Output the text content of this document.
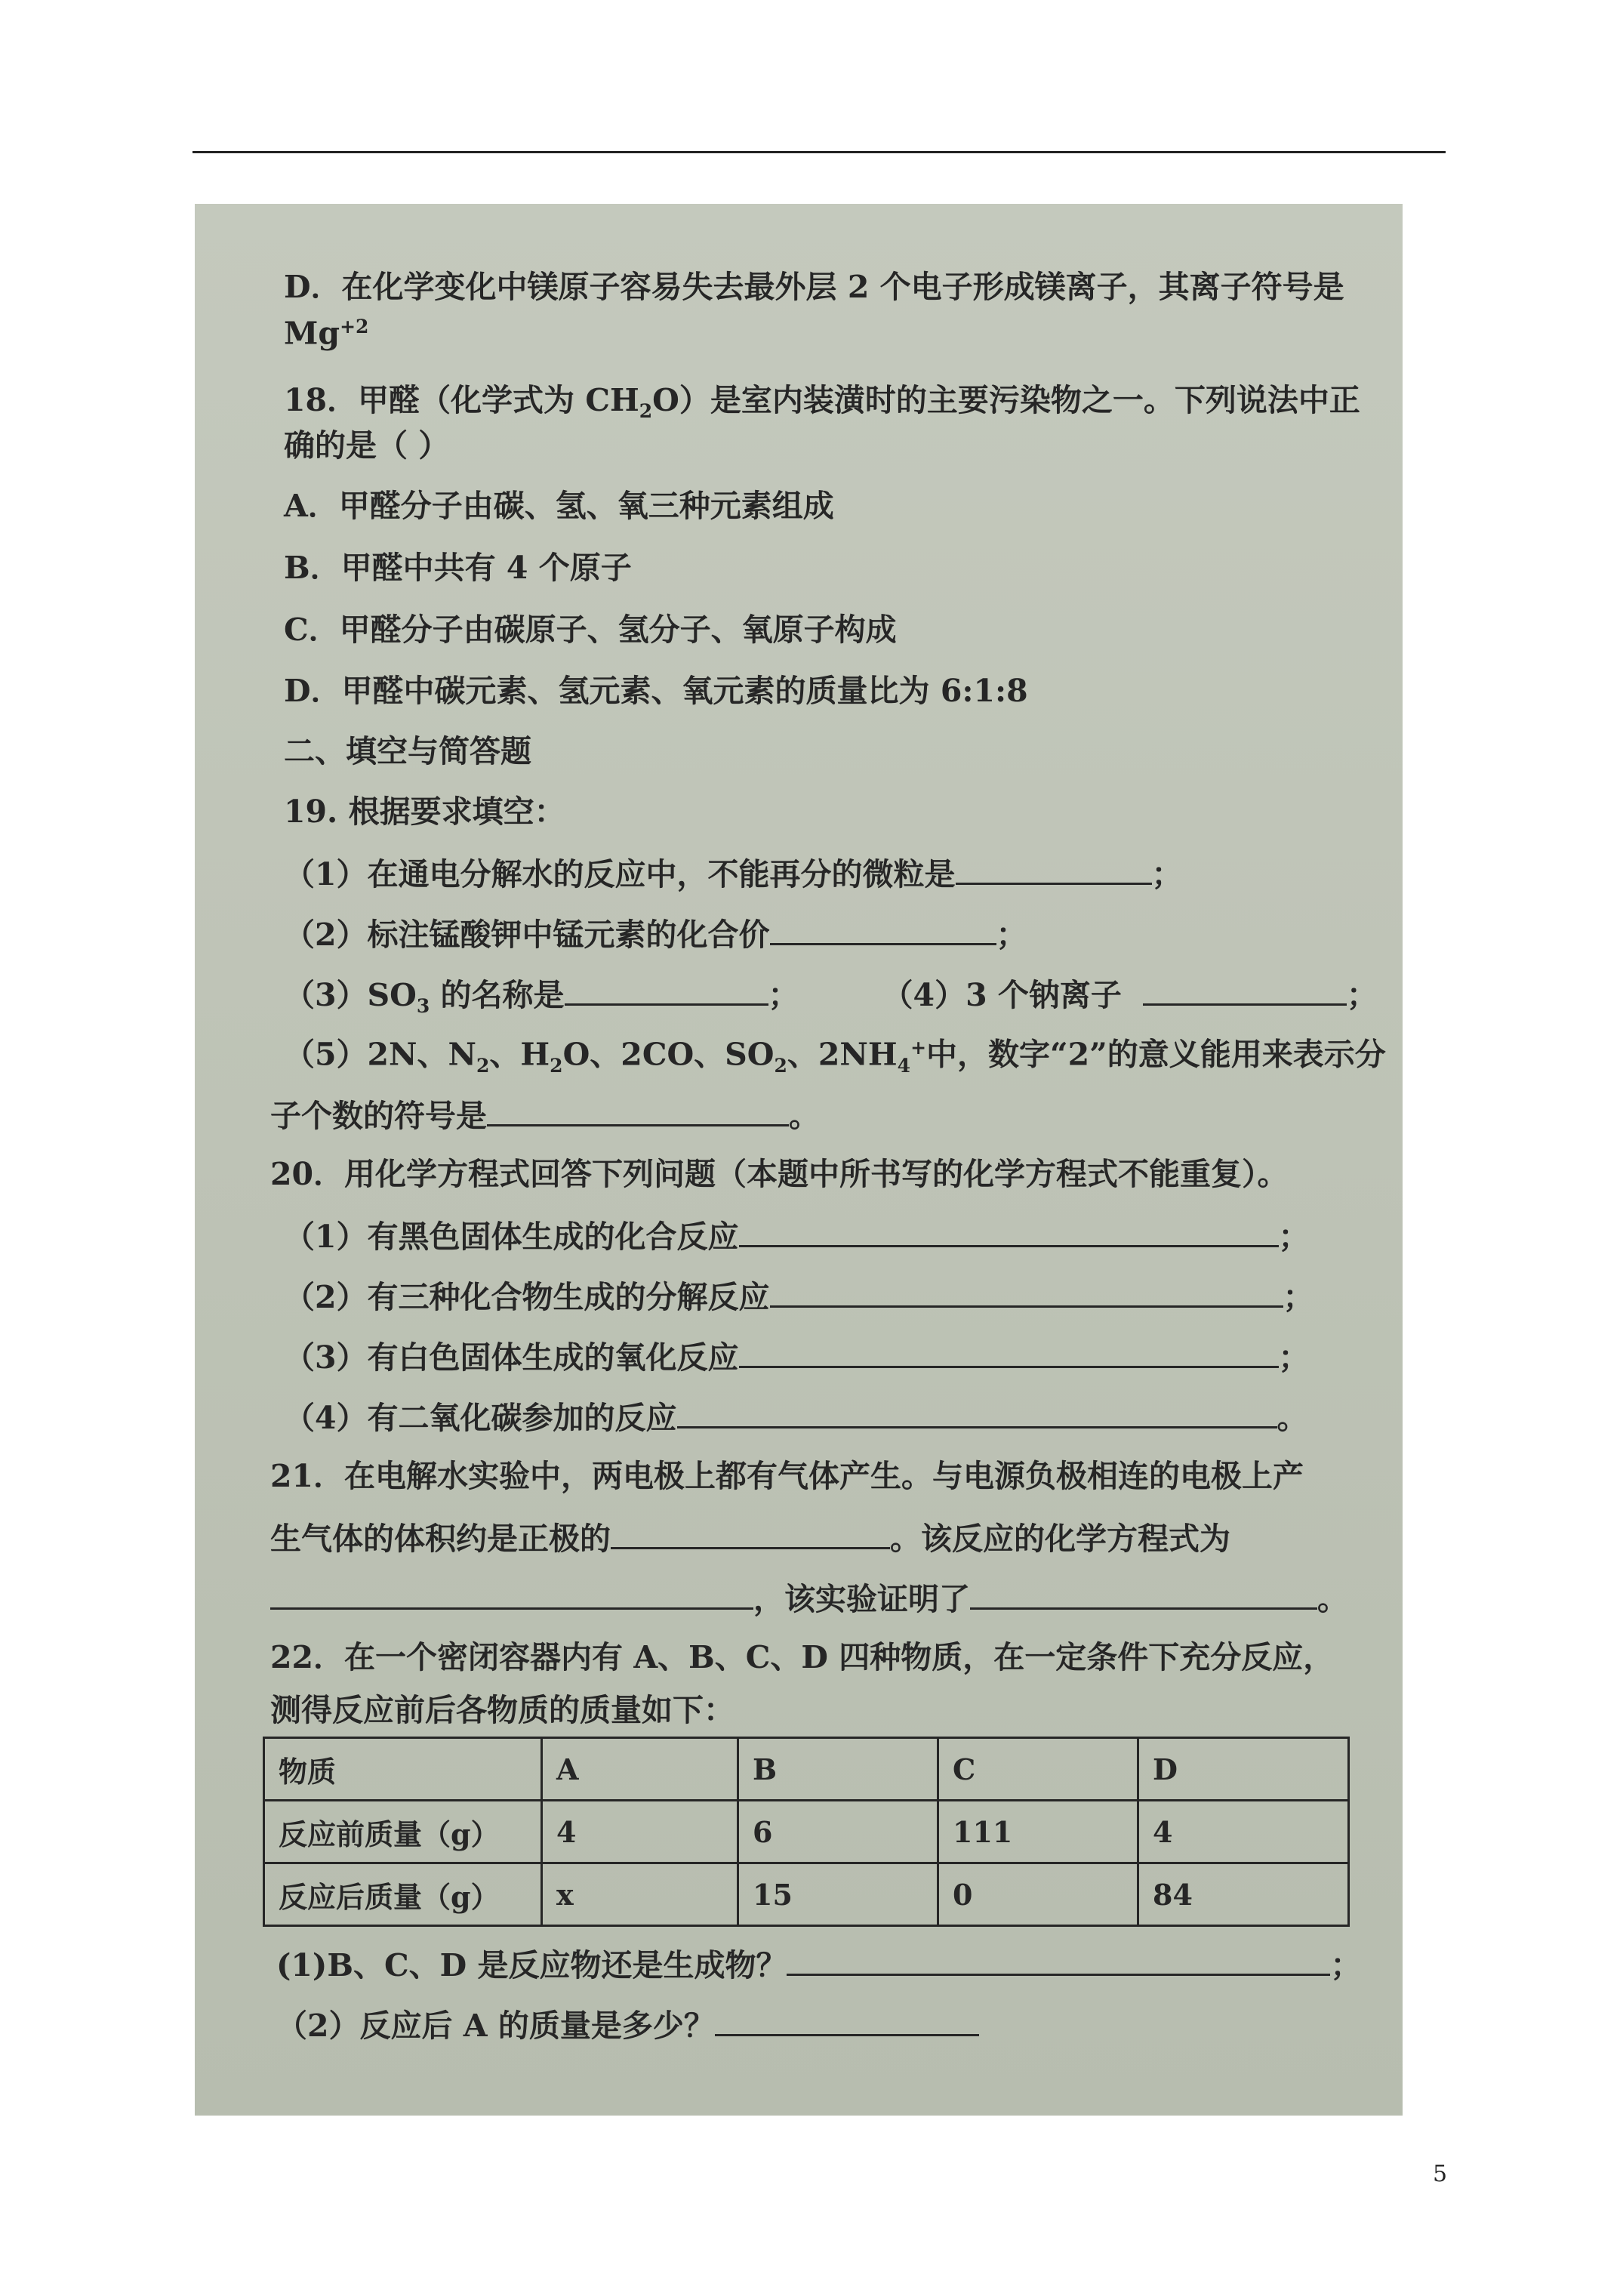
D．在化学变化中镁原子容易失去最外层 2 个电子形成镁离子，其离子符号是
$Mg^{+2}$
18．甲醛（化学式为 $CH_2O$）是室内装潢时的主要污染物之一。下列说法中正
确的是（ ）
A．甲醛分子由碳、氢、氧三种元素组成
B．甲醛中共有 4 个原子
C．甲醛分子由碳原子、氢分子、氧原子构成
D．甲醛中碳元素、氢元素、氧元素的质量比为 6:1:8
二、填空与简答题
19. 根据要求填空：
（1）在通电分解水的反应中，不能再分的微粒是	；
（2）标注锰酸钾中锰元素的化合价	；
$(3)SO_3$ 的名称是	；	（4）3 个钠离子	；
（5）2N、$N_2$、$H_2O$、2CO、$SO_2$、$2NH_4^+$中，数字“2”的意义能用来表示分
子个数的符号是	。
20．用化学方程式回答下列问题（本题中所书写的化学方程式不能重复）。
（1）有黑色固体生成的化合反应	；
（2）有三种化合物生成的分解反应	；
（3）有白色固体生成的氧化反应	；
（4）有二氧化碳参加的反应	。
21．在电解水实验中，两电极上都有气体产生。与电源负极相连的电极上产
生气体的体积约是正极的	。该反应的化学方程式为
，该实验证明了	。
22．在一个密闭容器内有 A、B、C、D 四种物质，在一定条件下充分反应，
测得反应前后各物质的质量如下：
物质	A	B	C	D
反应前质量（g）	4	6	111	4
反应后质量（g）	x	15	0	84
(1)B、C、D 是反应物还是生成物？	；
（2）反应后 A 的质量是多少？
5
